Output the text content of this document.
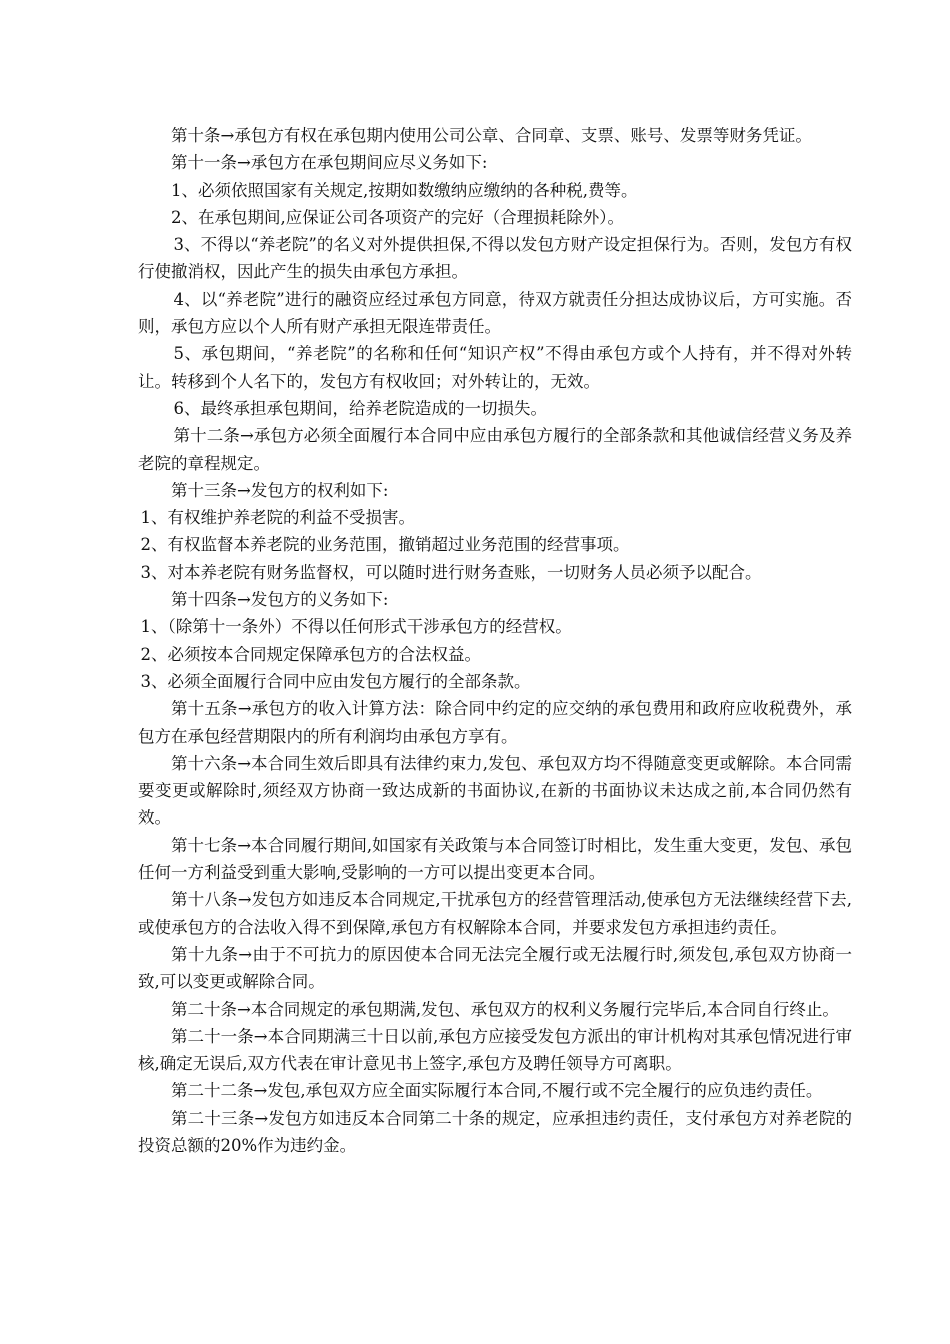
第十条→承包方有权在承包期内使用公司公章、合同章、支票、账号、发票等财务凭证。

第十一条→承包方在承包期间应尽义务如下:

1、必须依照国家有关规定,按期如数缴纳应缴纳的各种税,费等。

2、在承包期间,应保证公司各项资产的完好（合理损耗除外）。

3、不得以“养老院”的名义对外提供担保,不得以发包方财产设定担保行为。否则，发包方有权行使撤消权，因此产生的损失由承包方承担。

4、以“养老院”进行的融资应经过承包方同意，待双方就责任分担达成协议后，方可实施。否则，承包方应以个人所有财产承担无限连带责任。

5、承包期间，“养老院”的名称和任何“知识产权”不得由承包方或个人持有，并不得对外转让。转移到个人名下的，发包方有权收回；对外转让的，无效。

6、最终承担承包期间，给养老院造成的一切损失。

第十二条→承包方必须全面履行本合同中应由承包方履行的全部条款和其他诚信经营义务及养老院的章程规定。

第十三条→发包方的权利如下:

1、有权维护养老院的利益不受损害。

2、有权监督本养老院的业务范围，撤销超过业务范围的经营事项。

3、对本养老院有财务监督权，可以随时进行财务查账，一切财务人员必须予以配合。

第十四条→发包方的义务如下:

1、（除第十一条外）不得以任何形式干涉承包方的经营权。

2、必须按本合同规定保障承包方的合法权益。

3、必须全面履行合同中应由发包方履行的全部条款。

第十五条→承包方的收入计算方法：除合同中约定的应交纳的承包费用和政府应收税费外，承包方在承包经营期限内的所有利润均由承包方享有。

第十六条→本合同生效后即具有法律约束力,发包、承包双方均不得随意变更或解除。本合同需要变更或解除时,须经双方协商一致达成新的书面协议,在新的书面协议未达成之前,本合同仍然有效。

第十七条→本合同履行期间,如国家有关政策与本合同签订时相比，发生重大变更，发包、承包任何一方利益受到重大影响,受影响的一方可以提出变更本合同。

第十八条→发包方如违反本合同规定,干扰承包方的经营管理活动,使承包方无法继续经营下去,或使承包方的合法收入得不到保障,承包方有权解除本合同，并要求发包方承担违约责任。

第十九条→由于不可抗力的原因使本合同无法完全履行或无法履行时,须发包,承包双方协商一致,可以变更或解除合同。

第二十条→本合同规定的承包期满,发包、承包双方的权利义务履行完毕后,本合同自行终止。

第二十一条→本合同期满三十日以前,承包方应接受发包方派出的审计机构对其承包情况进行审核,确定无误后,双方代表在审计意见书上签字,承包方及聘任领导方可离职。

第二十二条→发包,承包双方应全面实际履行本合同,不履行或不完全履行的应负违约责任。

第二十三条→发包方如违反本合同第二十条的规定，应承担违约责任，支付承包方对养老院的投资总额的20%作为违约金。
